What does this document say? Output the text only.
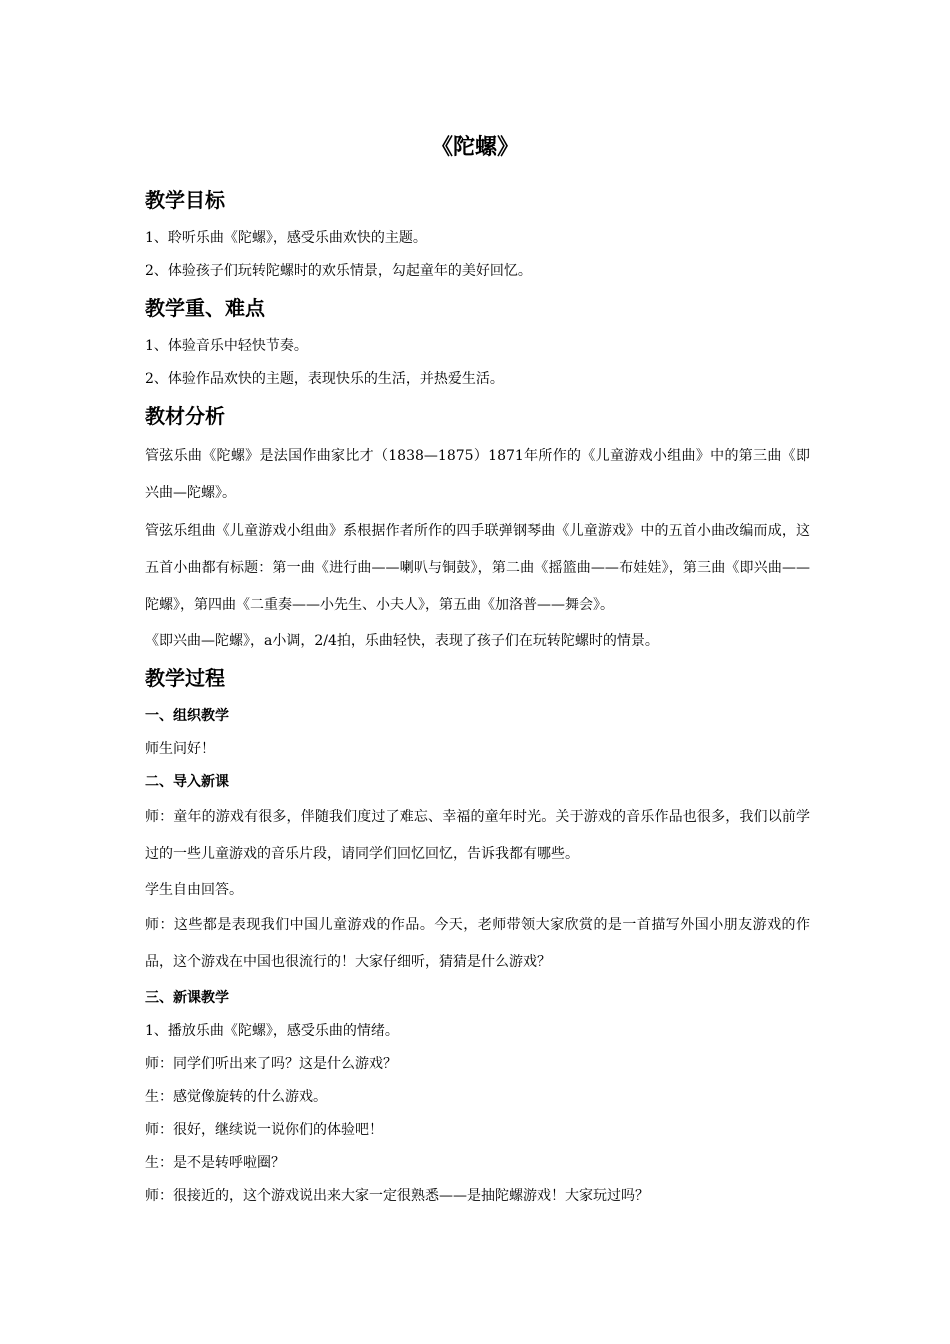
《陀螺》
教学目标

1、聆听乐曲《陀螺》，感受乐曲欢快的主题。

2、体验孩子们玩转陀螺时的欢乐情景，勾起童年的美好回忆。

教学重、难点

1、体验音乐中轻快节奏。

2、体验作品欢快的主题，表现快乐的生活，并热爱生活。

教材分析

管弦乐曲《陀螺》是法国作曲家比才（1838—1875）1871年所作的《儿童游戏小组曲》中的第三曲《即兴曲—陀螺》。

管弦乐组曲《儿童游戏小组曲》系根据作者所作的四手联弹钢琴曲《儿童游戏》中的五首小曲改编而成，这五首小曲都有标题：第一曲《进行曲——喇叭与铜鼓》，第二曲《摇篮曲——布娃娃》，第三曲《即兴曲——陀螺》，第四曲《二重奏——小先生、小夫人》，第五曲《加洛普——舞会》。

《即兴曲—陀螺》，a小调，2/4拍，乐曲轻快，表现了孩子们在玩转陀螺时的情景。

教学过程
一、组织教学

师生问好！

二、导入新课

师：童年的游戏有很多，伴随我们度过了难忘、幸福的童年时光。关于游戏的音乐作品也很多，我们以前学过的一些儿童游戏的音乐片段，请同学们回忆回忆，告诉我都有哪些。

学生自由回答。

师：这些都是表现我们中国儿童游戏的作品。今天，老师带领大家欣赏的是一首描写外国小朋友游戏的作品，这个游戏在中国也很流行的！大家仔细听，猜猜是什么游戏？

三、新课教学

1、播放乐曲《陀螺》，感受乐曲的情绪。

师：同学们听出来了吗？这是什么游戏？

生：感觉像旋转的什么游戏。

师：很好，继续说一说你们的体验吧！

生：是不是转呼啦圈？

师：很接近的，这个游戏说出来大家一定很熟悉——是抽陀螺游戏！大家玩过吗？
